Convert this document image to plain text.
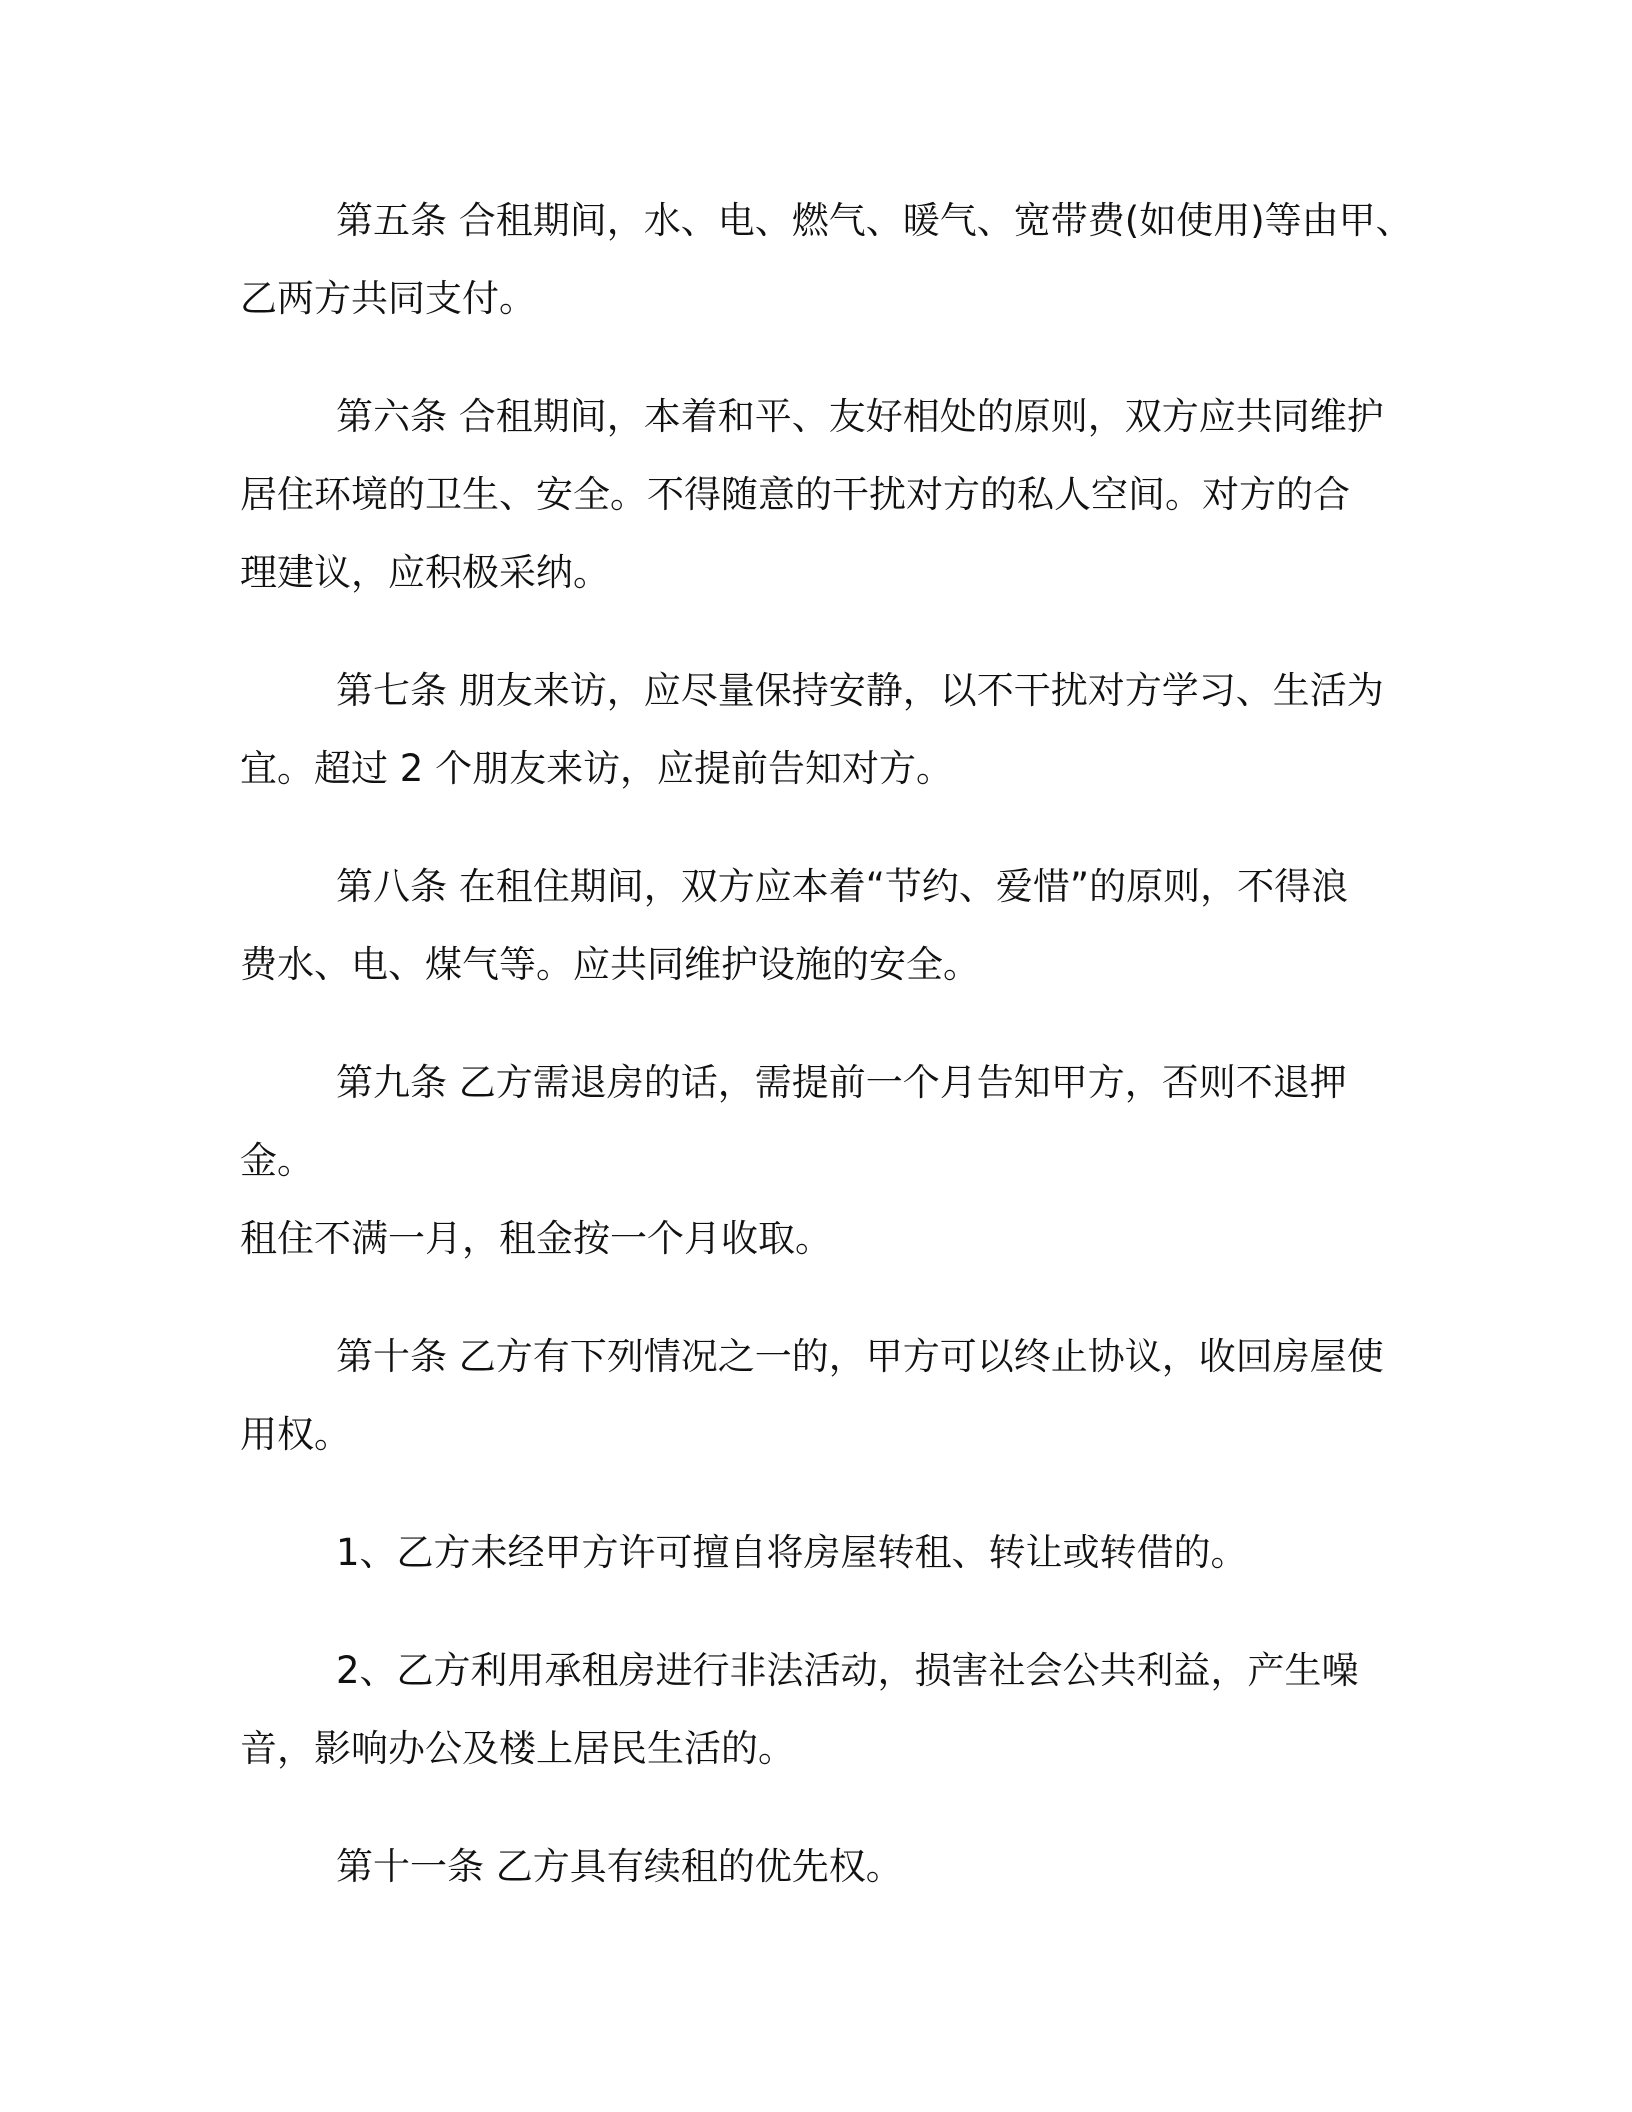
第五条 合租期间，水、电、燃气、暖气、宽带费(如使用)等由甲、
乙两方共同支付。

第六条 合租期间，本着和平、友好相处的原则，双方应共同维护
居住环境的卫生、安全。不得随意的干扰对方的私人空间。对方的合
理建议，应积极采纳。

第七条 朋友来访，应尽量保持安静，以不干扰对方学习、生活为
宜。超过 2 个朋友来访，应提前告知对方。

第八条 在租住期间，双方应本着“节约、爱惜”的原则，不得浪
费水、电、煤气等。应共同维护设施的安全。

第九条 乙方需退房的话，需提前一个月告知甲方，否则不退押金。
租住不满一月，租金按一个月收取。

第十条 乙方有下列情况之一的，甲方可以终止协议，收回房屋使
用权。

1、乙方未经甲方许可擅自将房屋转租、转让或转借的。

2、乙方利用承租房进行非法活动，损害社会公共利益，产生噪
音，影响办公及楼上居民生活的。

第十一条 乙方具有续租的优先权。
